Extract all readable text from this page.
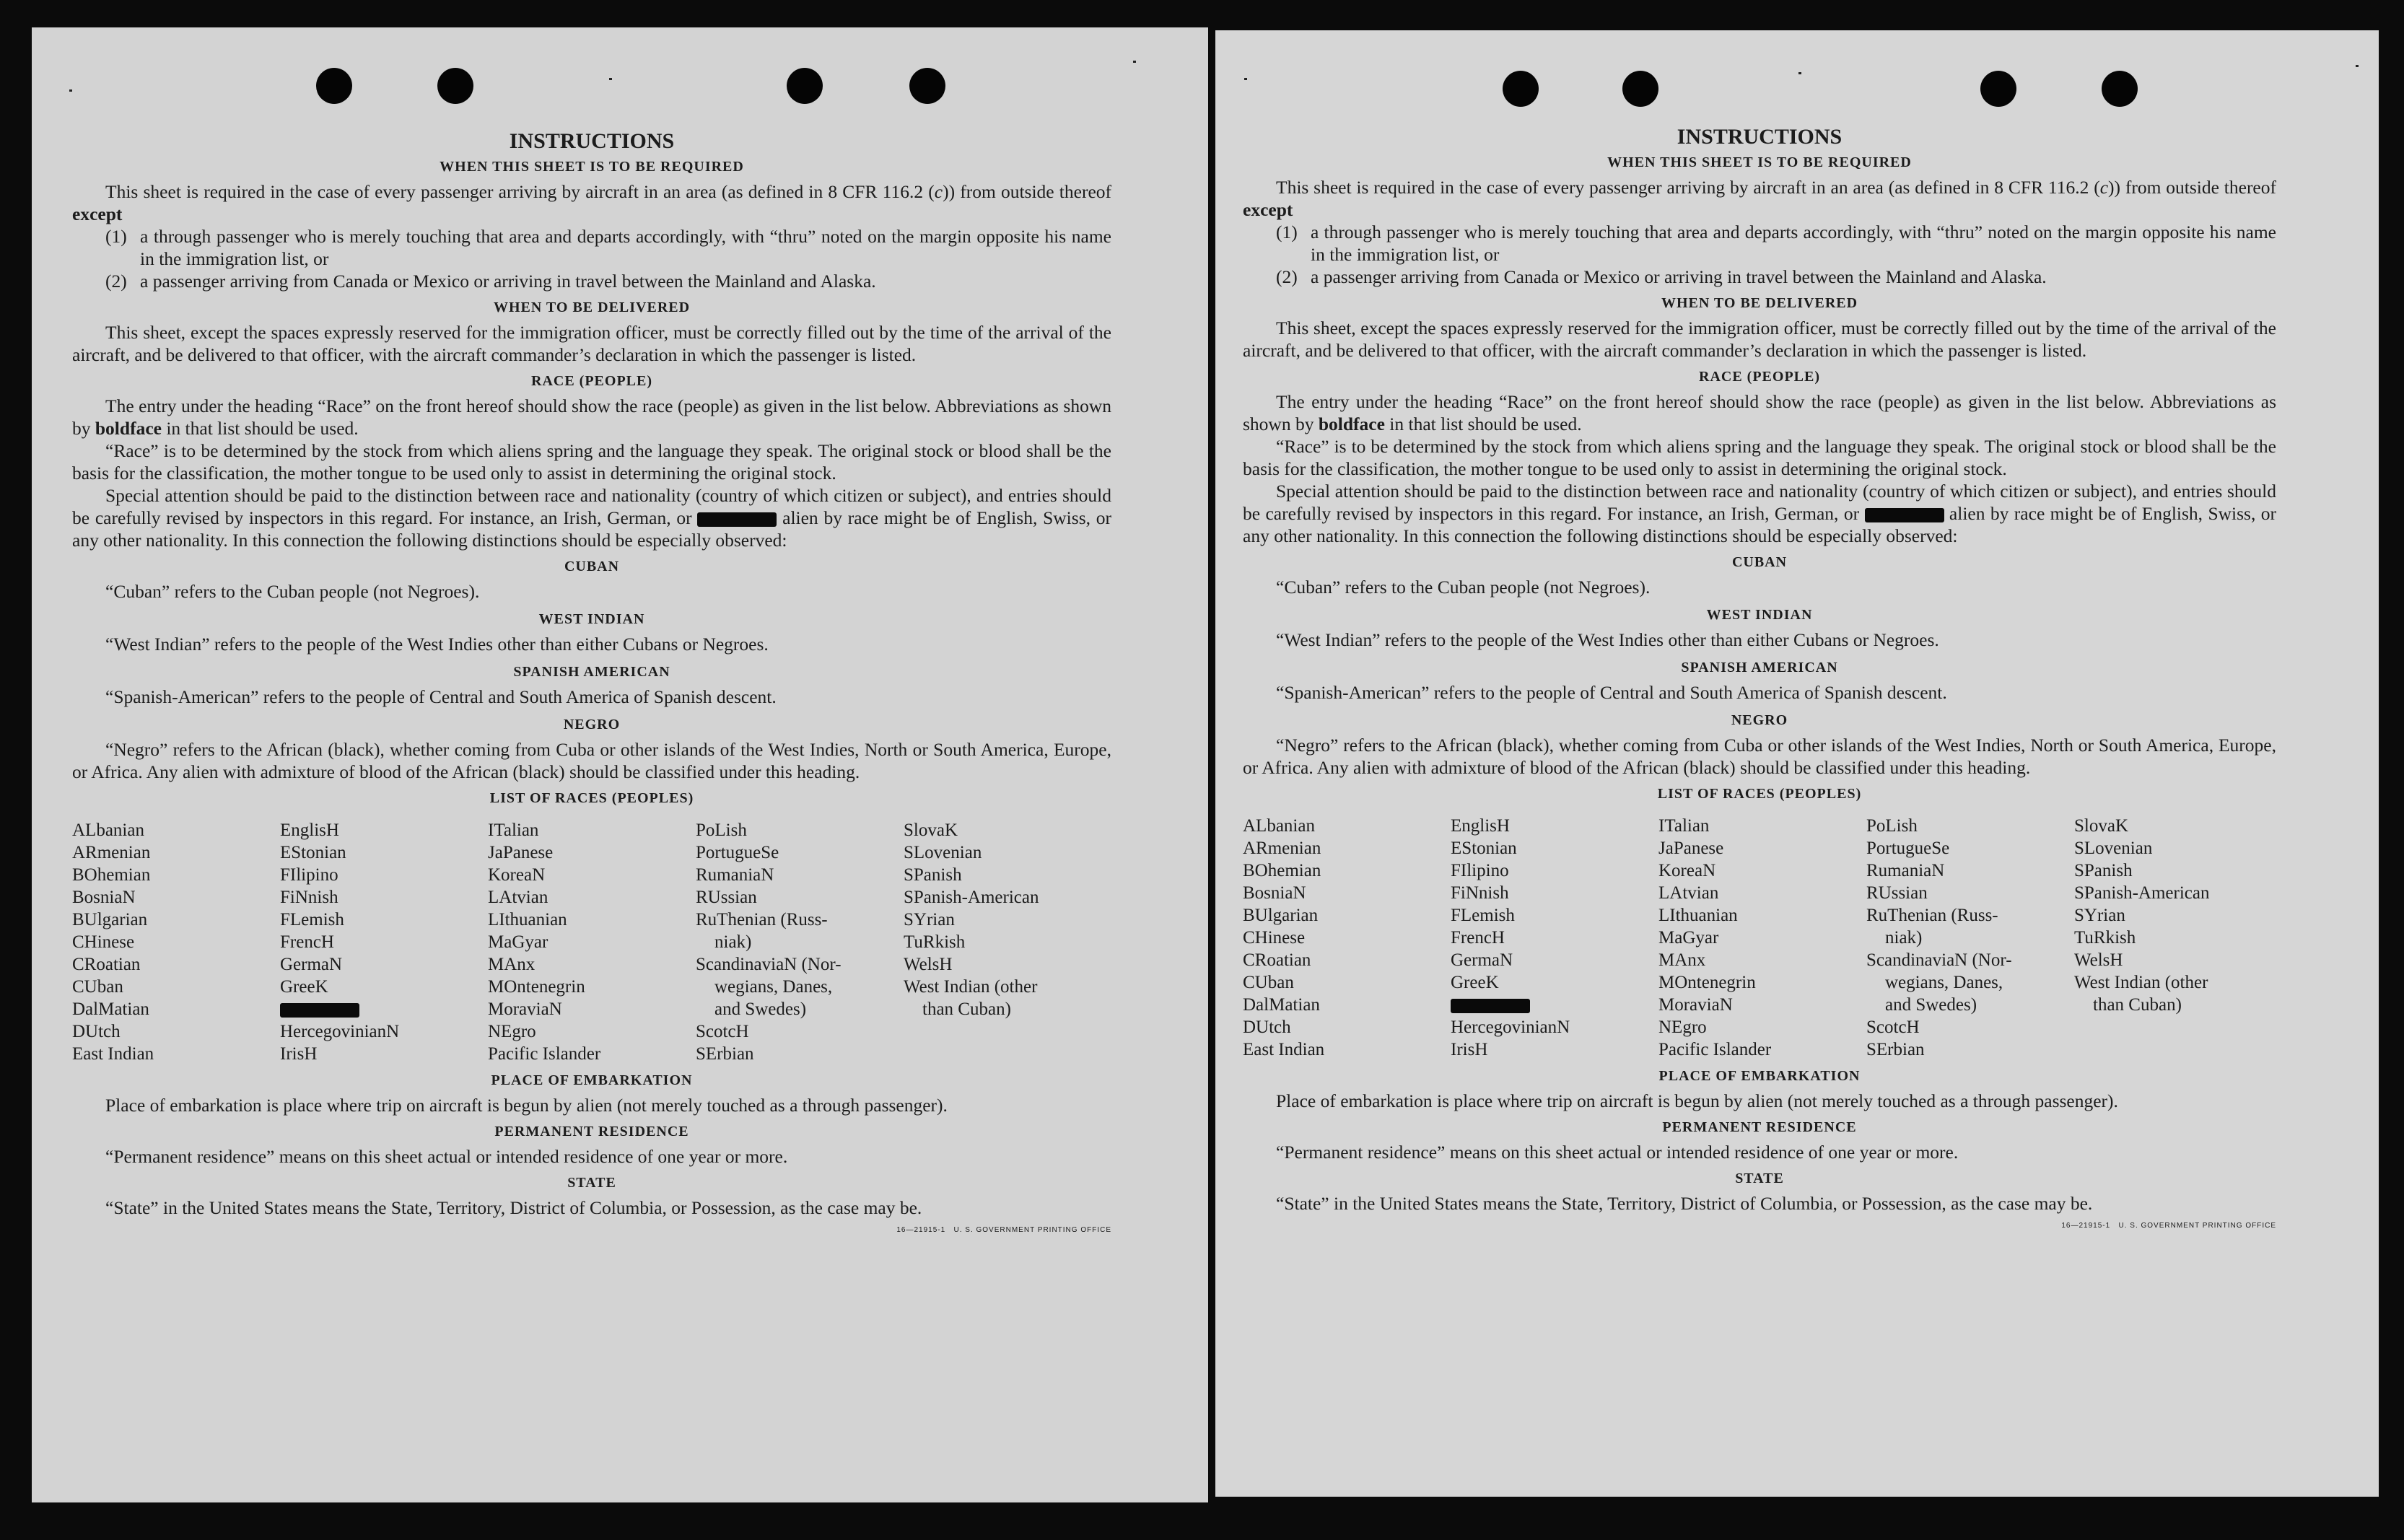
INSTRUCTIONS
WHEN THIS SHEET IS TO BE REQUIRED

This sheet is required in the case of every passenger arriving by aircraft in an area (as defined in 8 CFR 116.2 (c)) from outside thereof except

(1) a through passenger who is merely touching that area and departs accordingly, with “thru” noted on the margin opposite his name in the immigration list, or
(2) a passenger arriving from Canada or Mexico or arriving in travel between the Mainland and Alaska.
WHEN TO BE DELIVERED

This sheet, except the spaces expressly reserved for the immigration officer, must be correctly filled out by the time of the arrival of the aircraft, and be delivered to that officer, with the aircraft commander’s declaration in which the passenger is listed.

RACE (PEOPLE)

The entry under the heading “Race” on the front hereof should show the race (people) as given in the list below. Abbreviations as shown by boldface in that list should be used.

“Race” is to be determined by the stock from which aliens spring and the language they speak. The original stock or blood shall be the basis for the classification, the mother tongue to be used only to assist in determining the original stock.

Special attention should be paid to the distinction between race and nationality (country of which citizen or subject), and entries should be carefully revised by inspectors in this regard. For instance, an Irish, German, or	alien by race might be of English, Swiss, or any other nationality. In this connection the following distinctions should be especially observed:

CUBAN

“Cuban” refers to the Cuban people (not Negroes).

WEST INDIAN

“West Indian” refers to the people of the West Indies other than either Cubans or Negroes.

SPANISH AMERICAN

“Spanish-American” refers to the people of Central and South America of Spanish descent.

NEGRO

“Negro” refers to the African (black), whether coming from Cuba or other islands of the West Indies, North or South America, Europe, or Africa. Any alien with admixture of blood of the African (black) should be classified under this heading.

LIST OF RACES (PEOPLES)
ALbanian
ARmenian
BOhemian
BosniaN
BUlgarian
CHinese
CRoatian
CUban
DalMatian
DUtch
East Indian
EnglisH
EStonian
FIlipino
FiNnish
FLemish
FrencH
GermaN
GreeK
HercegovinianN
IrisH
ITalian
JaPanese
KoreaN
LAtvian
LIthuanian
MaGyar
MAnx
MOntenegrin
MoraviaN
NEgro
Pacific Islander
PoLish
PortugueSe
RumaniaN
RUssian
RuThenian (Russ-
niak)
ScandinaviaN (Nor-
wegians, Danes,
and Swedes)
ScotcH
SErbian
SlovaK
SLovenian
SPanish
SPanish-American
SYrian
TuRkish
WelsH
West Indian (other
than Cuban)
PLACE OF EMBARKATION

Place of embarkation is place where trip on aircraft is begun by alien (not merely touched as a through passenger).

PERMANENT RESIDENCE

“Permanent residence” means on this sheet actual or intended residence of one year or more.

STATE

“State” in the United States means the State, Territory, District of Columbia, or Possession, as the case may be.

16—21915-1 U. S. GOVERNMENT PRINTING OFFICE
INSTRUCTIONS
WHEN THIS SHEET IS TO BE REQUIRED

This sheet is required in the case of every passenger arriving by aircraft in an area (as defined in 8 CFR 116.2 (c)) from outside thereof except

(1) a through passenger who is merely touching that area and departs accordingly, with “thru” noted on the margin opposite his name in the immigration list, or
(2) a passenger arriving from Canada or Mexico or arriving in travel between the Mainland and Alaska.
WHEN TO BE DELIVERED

This sheet, except the spaces expressly reserved for the immigration officer, must be correctly filled out by the time of the arrival of the aircraft, and be delivered to that officer, with the aircraft commander’s declaration in which the passenger is listed.

RACE (PEOPLE)

The entry under the heading “Race” on the front hereof should show the race (people) as given in the list below. Abbreviations as shown by boldface in that list should be used.

“Race” is to be determined by the stock from which aliens spring and the language they speak. The original stock or blood shall be the basis for the classification, the mother tongue to be used only to assist in determining the original stock.

Special attention should be paid to the distinction between race and nationality (country of which citizen or subject), and entries should be carefully revised by inspectors in this regard. For instance, an Irish, German, or	alien by race might be of English, Swiss, or any other nationality. In this connection the following distinctions should be especially observed:

CUBAN

“Cuban” refers to the Cuban people (not Negroes).

WEST INDIAN

“West Indian” refers to the people of the West Indies other than either Cubans or Negroes.

SPANISH AMERICAN

“Spanish-American” refers to the people of Central and South America of Spanish descent.

NEGRO

“Negro” refers to the African (black), whether coming from Cuba or other islands of the West Indies, North or South America, Europe, or Africa. Any alien with admixture of blood of the African (black) should be classified under this heading.

LIST OF RACES (PEOPLES)
ALbanian
ARmenian
BOhemian
BosniaN
BUlgarian
CHinese
CRoatian
CUban
DalMatian
DUtch
East Indian
EnglisH
EStonian
FIlipino
FiNnish
FLemish
FrencH
GermaN
GreeK
HercegovinianN
IrisH
ITalian
JaPanese
KoreaN
LAtvian
LIthuanian
MaGyar
MAnx
MOntenegrin
MoraviaN
NEgro
Pacific Islander
PoLish
PortugueSe
RumaniaN
RUssian
RuThenian (Russ-
niak)
ScandinaviaN (Nor-
wegians, Danes,
and Swedes)
ScotcH
SErbian
SlovaK
SLovenian
SPanish
SPanish-American
SYrian
TuRkish
WelsH
West Indian (other
than Cuban)
PLACE OF EMBARKATION

Place of embarkation is place where trip on aircraft is begun by alien (not merely touched as a through passenger).

PERMANENT RESIDENCE

“Permanent residence” means on this sheet actual or intended residence of one year or more.

STATE

“State” in the United States means the State, Territory, District of Columbia, or Possession, as the case may be.

16—21915-1 U. S. GOVERNMENT PRINTING OFFICE
